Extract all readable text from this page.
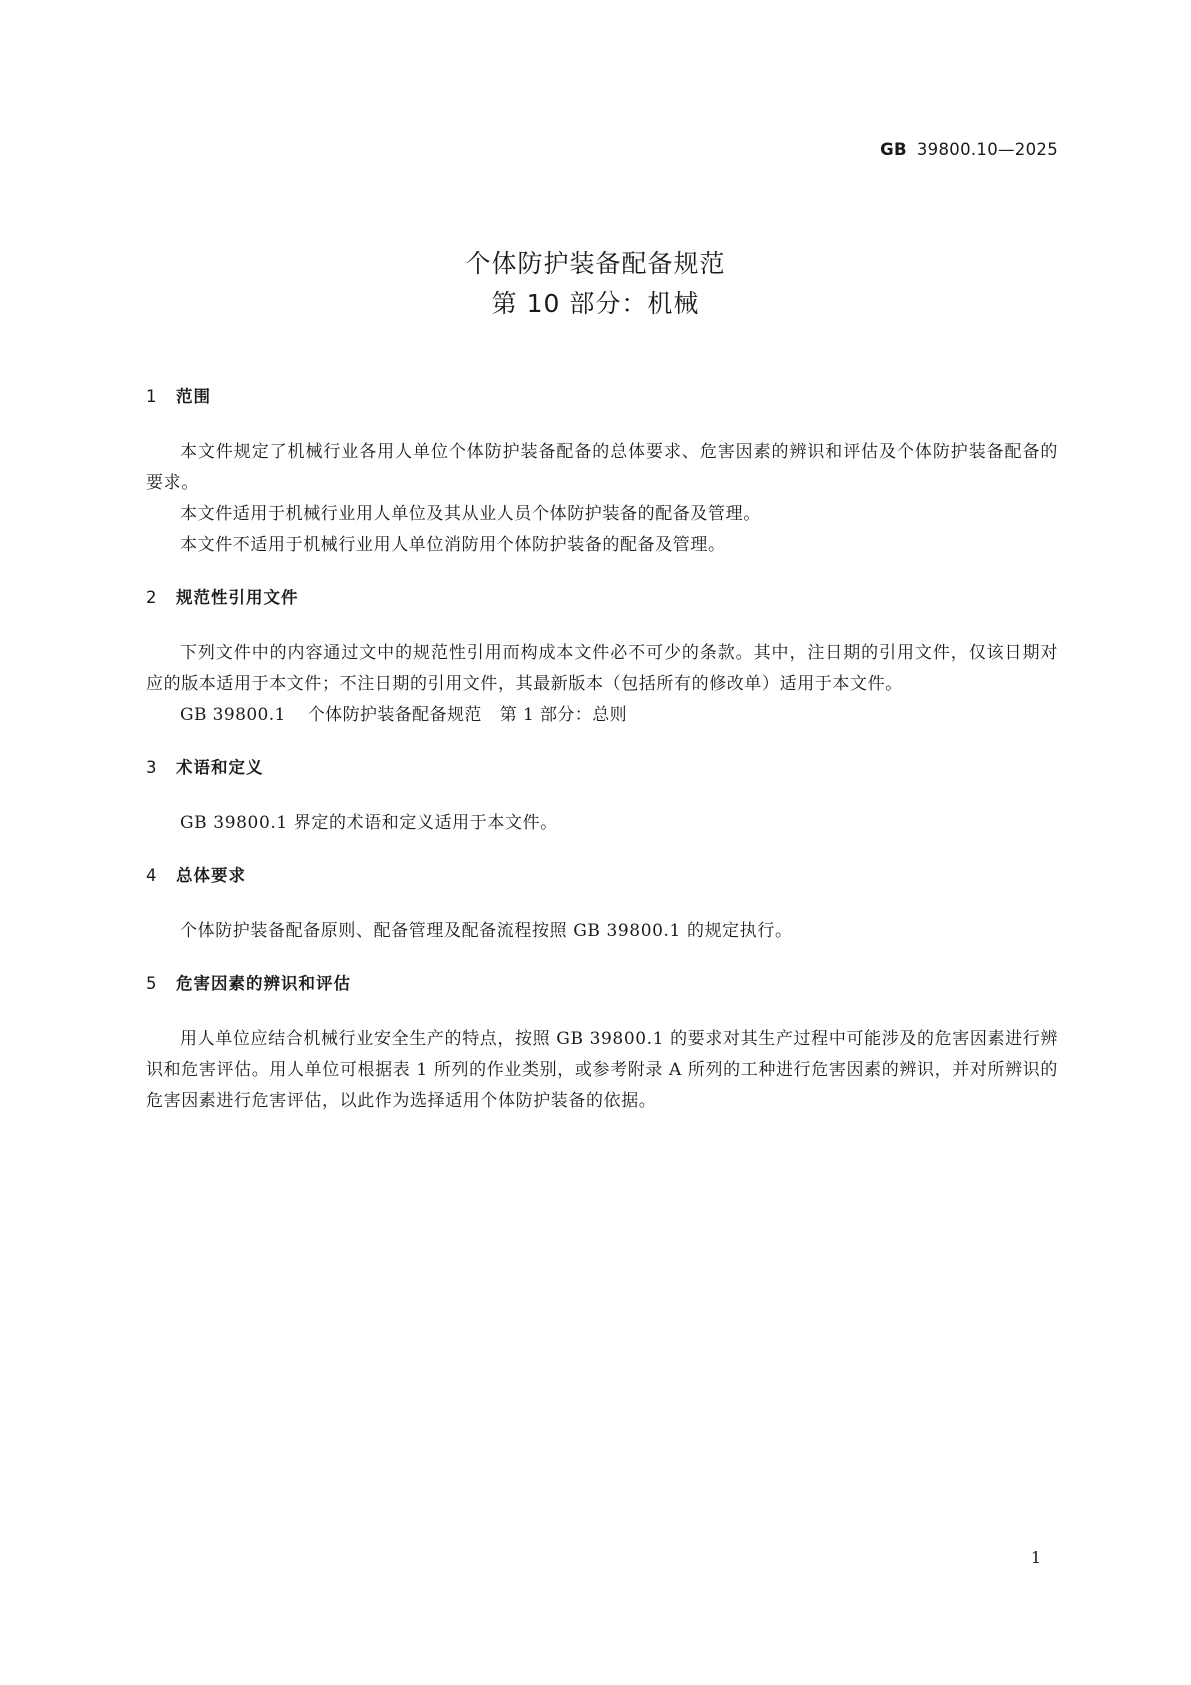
GB 39800.10—2025
个体防护装备配备规范
第 10 部分：机械
1 范围
本文件规定了机械行业各用人单位个体防护装备配备的总体要求、危害因素的辨识和评估及个体防护装备配备的要求。
本文件适用于机械行业用人单位及其从业人员个体防护装备的配备及管理。
本文件不适用于机械行业用人单位消防用个体防护装备的配备及管理。
2 规范性引用文件
下列文件中的内容通过文中的规范性引用而构成本文件必不可少的条款。其中，注日期的引用文件，仅该日期对应的版本适用于本文件；不注日期的引用文件，其最新版本（包括所有的修改单）适用于本文件。
GB 39800.1 个体防护装备配备规范 第 1 部分：总则
3 术语和定义
GB 39800.1 界定的术语和定义适用于本文件。
4 总体要求
个体防护装备配备原则、配备管理及配备流程按照 GB 39800.1 的规定执行。
5 危害因素的辨识和评估
用人单位应结合机械行业安全生产的特点，按照 GB 39800.1 的要求对其生产过程中可能涉及的危害因素进行辨识和危害评估。用人单位可根据表 1 所列的作业类别，或参考附录 A 所列的工种进行危害因素的辨识，并对所辨识的危害因素进行危害评估，以此作为选择适用个体防护装备的依据。
1
